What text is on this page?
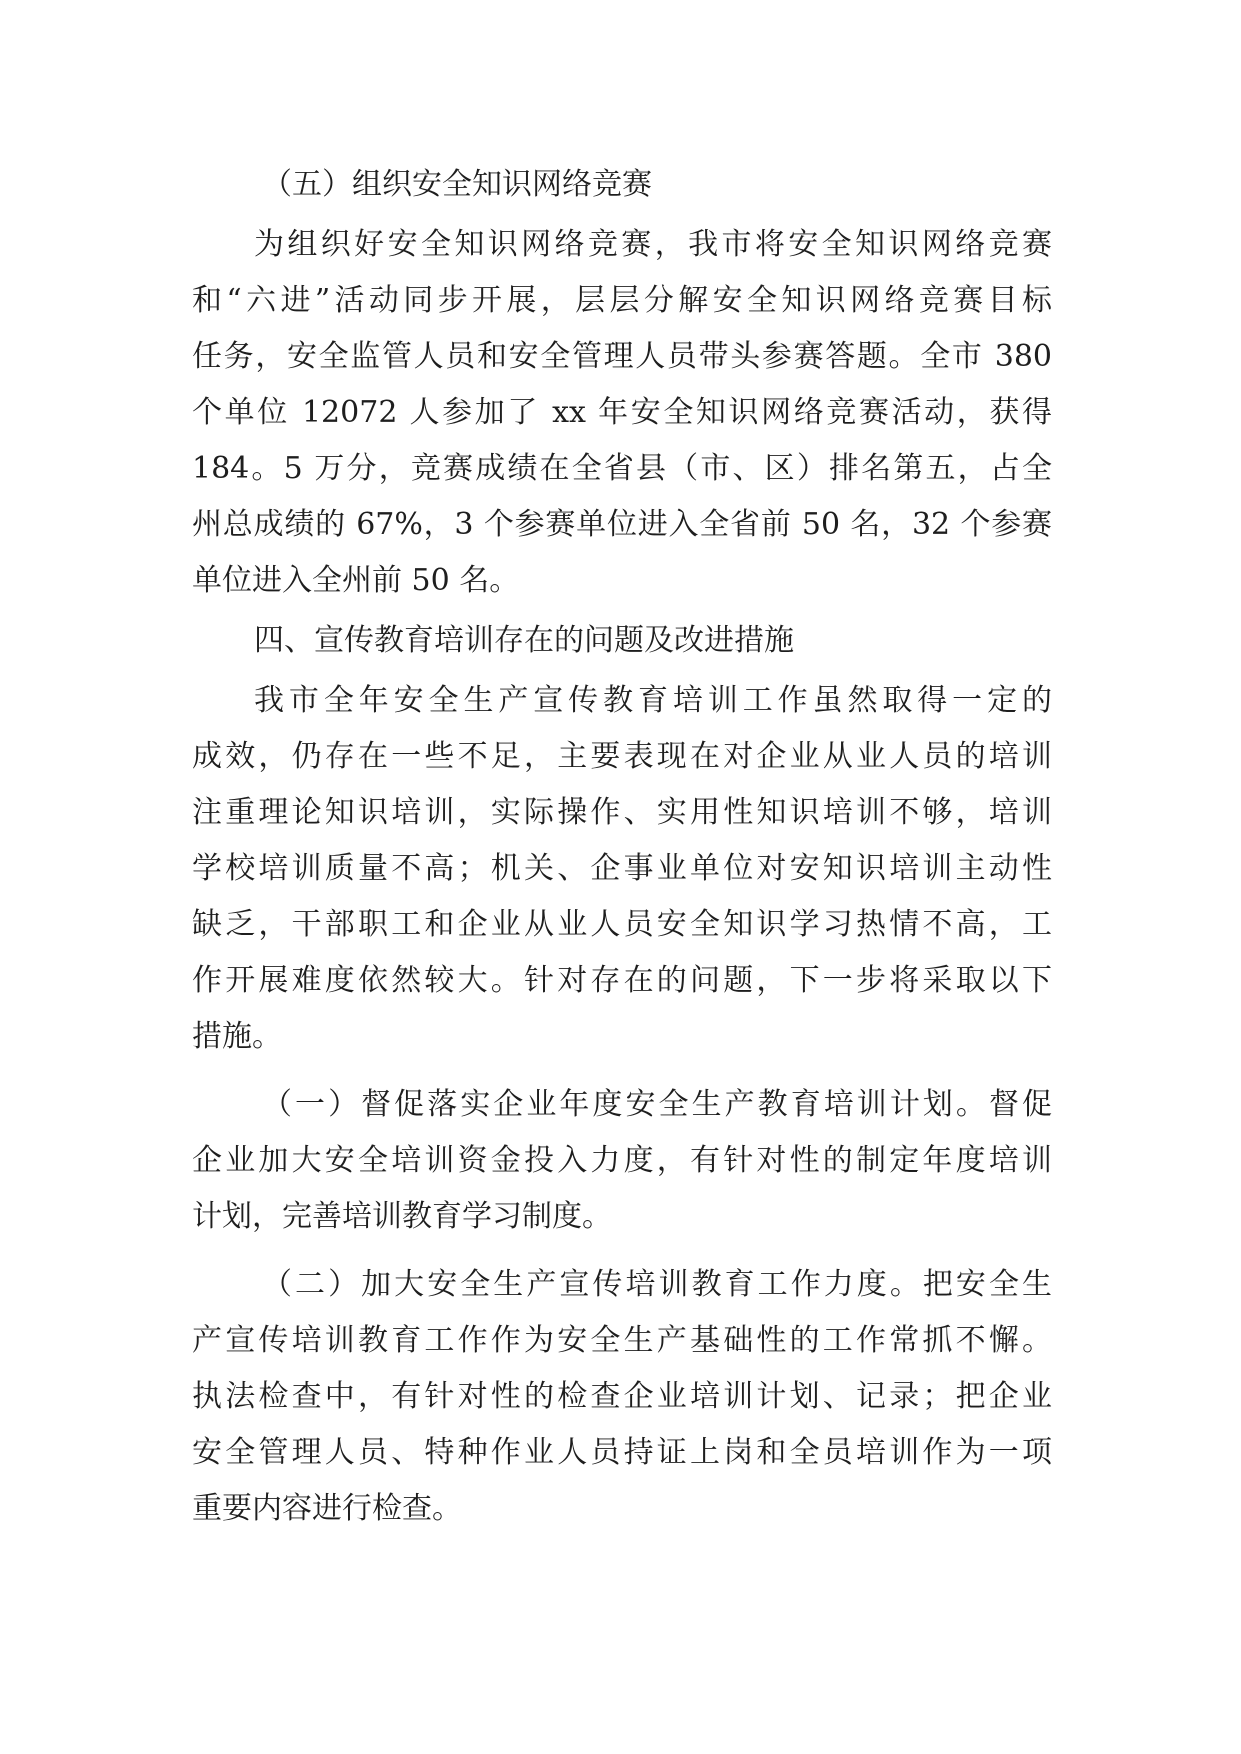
（五）组织安全知识网络竞赛
为组织好安全知识网络竞赛，我市将安全知识网络竞赛
和“六进”活动同步开展，层层分解安全知识网络竞赛目标
任务，安全监管人员和安全管理人员带头参赛答题。全市 380
个单位 12072 人参加了 xx 年安全知识网络竞赛活动，获得
184。5 万分，竞赛成绩在全省县（市、区）排名第五，占全
州总成绩的 67%，3 个参赛单位进入全省前 50 名，32 个参赛
单位进入全州前 50 名。
四、宣传教育培训存在的问题及改进措施
我市全年安全生产宣传教育培训工作虽然取得一定的
成效，仍存在一些不足，主要表现在对企业从业人员的培训
注重理论知识培训，实际操作、实用性知识培训不够，培训
学校培训质量不高；机关、企事业单位对安知识培训主动性
缺乏，干部职工和企业从业人员安全知识学习热情不高，工
作开展难度依然较大。针对存在的问题，下一步将采取以下
措施。
（一）督促落实企业年度安全生产教育培训计划。督促
企业加大安全培训资金投入力度，有针对性的制定年度培训
计划，完善培训教育学习制度。
（二）加大安全生产宣传培训教育工作力度。把安全生
产宣传培训教育工作作为安全生产基础性的工作常抓不懈。
执法检查中，有针对性的检查企业培训计划、记录；把企业
安全管理人员、特种作业人员持证上岗和全员培训作为一项
重要内容进行检查。
